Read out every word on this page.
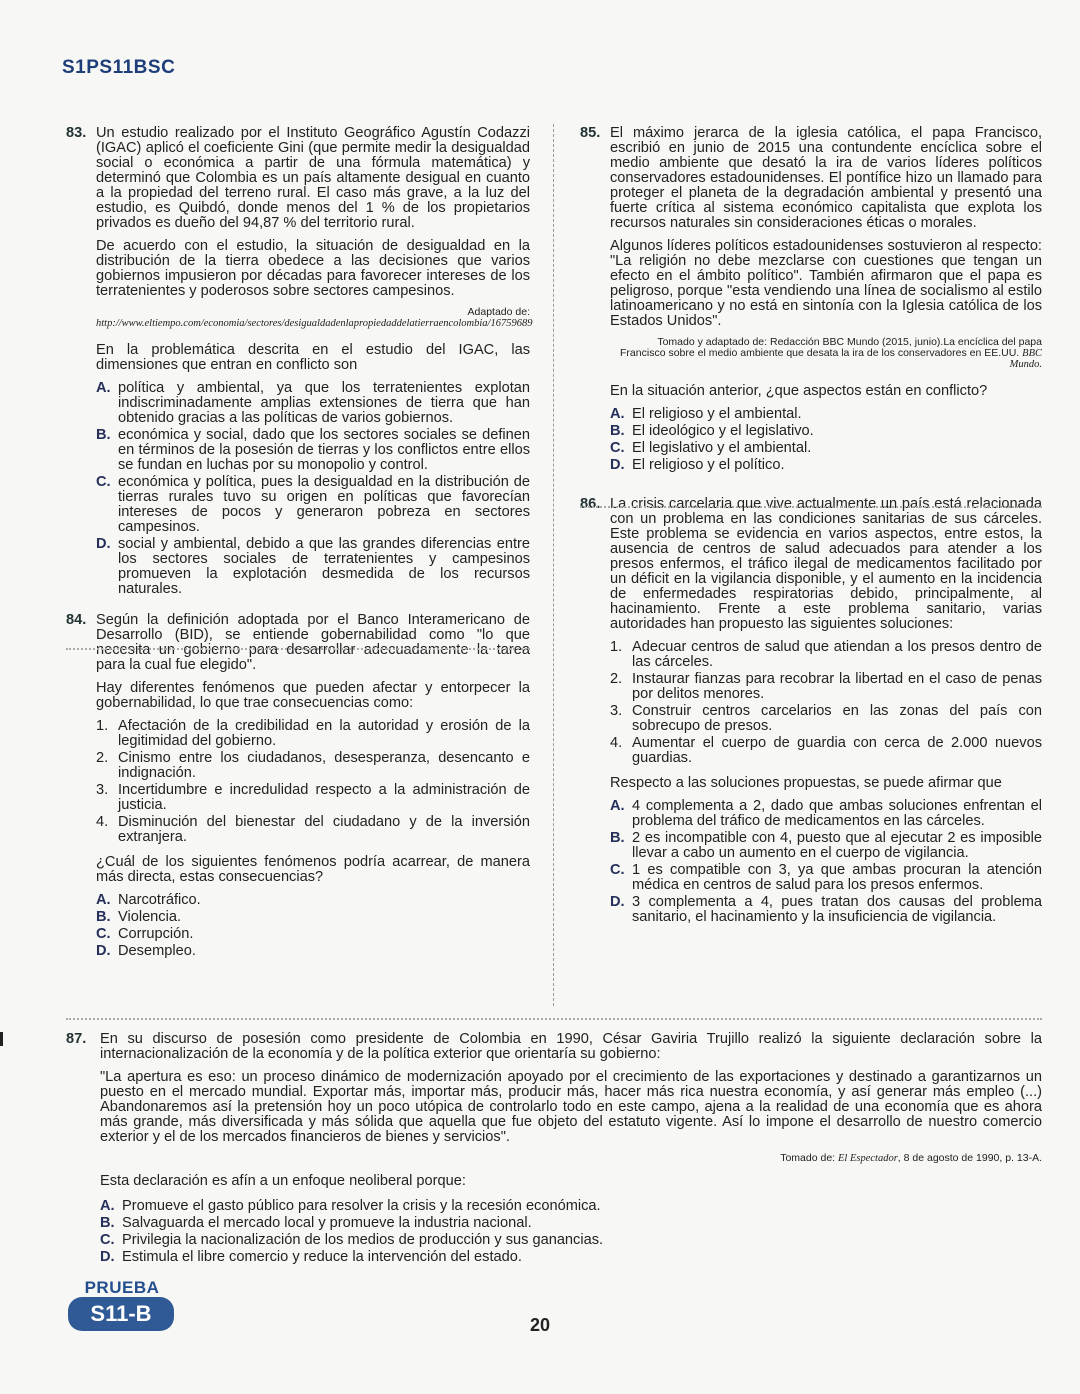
S1PS11BSC
83. Un estudio realizado por el Instituto Geográfico Agustín Codazzi (IGAC) aplicó el coeficiente Gini (que permite medir la desigualdad social o económica a partir de una fórmula matemática) y determinó que Colombia es un país altamente desigual en cuanto a la propiedad del terreno rural. El caso más grave, a la luz del estudio, es Quibdó, donde menos del 1 % de los propietarios privados es dueño del 94,87 % del territorio rural.

De acuerdo con el estudio, la situación de desigualdad en la distribución de la tierra obedece a las decisiones que varios gobiernos impusieron por décadas para favorecer intereses de los terratenientes y poderosos sobre sectores campesinos.

Adaptado de: http://www.eltiempo.com/economia/sectores/desigualdadenlapropiedaddelatierraencolombia/16759689

En la problemática descrita en el estudio del IGAC, las dimensiones que entran en conflicto son

A. política y ambiental, ya que los terratenientes explotan indiscriminadamente amplias extensiones de tierra que han obtenido gracias a las políticas de varios gobiernos.
B. económica y social, dado que los sectores sociales se definen en términos de la posesión de tierras y los conflictos entre ellos se fundan en luchas por su monopolio y control.
C. económica y política, pues la desigualdad en la distribución de tierras rurales tuvo su origen en políticas que favorecían intereses de pocos y generaron pobreza en sectores campesinos.
D. social y ambiental, debido a que las grandes diferencias entre los sectores sociales de terratenientes y campesinos promueven la explotación desmedida de los recursos naturales.
84. Según la definición adoptada por el Banco Interamericano de Desarrollo (BID), se entiende gobernabilidad como "lo que necesita un gobierno para desarrollar adecuadamente la tarea para la cual fue elegido".

Hay diferentes fenómenos que pueden afectar y entorpecer la gobernabilidad, lo que trae consecuencias como:

1. Afectación de la credibilidad en la autoridad y erosión de la legitimidad del gobierno.
2. Cinismo entre los ciudadanos, desesperanza, desencanto e indignación.
3. Incertidumbre e incredulidad respecto a la administración de justicia.
4. Disminución del bienestar del ciudadano y de la inversión extranjera.

¿Cuál de los siguientes fenómenos podría acarrear, de manera más directa, estas consecuencias?

A. Narcotráfico.
B. Violencia.
C. Corrupción.
D. Desempleo.
85. El máximo jerarca de la iglesia católica, el papa Francisco, escribió en junio de 2015 una contundente encíclica sobre el medio ambiente que desató la ira de varios líderes políticos conservadores estadounidenses. El pontífice hizo un llamado para proteger el planeta de la degradación ambiental y presentó una fuerte crítica al sistema económico capitalista que explota los recursos naturales sin consideraciones éticas o morales.

Algunos líderes políticos estadounidenses sostuvieron al respecto: "La religión no debe mezclarse con cuestiones que tengan un efecto en el ámbito político". También afirmaron que el papa es peligroso, porque "esta vendiendo una línea de socialismo al estilo latinoamericano y no está en sintonía con la Iglesia católica de los Estados Unidos".

Tomado y adaptado de: Redacción BBC Mundo (2015, junio).La encíclica del papa Francisco sobre el medio ambiente que desata la ira de los conservadores en EE.UU. BBC Mundo.

En la situación anterior, ¿que aspectos están en conflicto?

A. El religioso y el ambiental.
B. El ideológico y el legislativo.
C. El legislativo y el ambiental.
D. El religioso y el político.
86. La crisis carcelaria que vive actualmente un país está relacionada con un problema en las condiciones sanitarias de sus cárceles. Este problema se evidencia en varios aspectos, entre estos, la ausencia de centros de salud adecuados para atender a los presos enfermos, el tráfico ilegal de medicamentos facilitado por un déficit en la vigilancia disponible, y el aumento en la incidencia de enfermedades respiratorias debido, principalmente, al hacinamiento. Frente a este problema sanitario, varias autoridades han propuesto las siguientes soluciones:

1. Adecuar centros de salud que atiendan a los presos dentro de las cárceles.
2. Instaurar fianzas para recobrar la libertad en el caso de penas por delitos menores.
3. Construir centros carcelarios en las zonas del país con sobrecupo de presos.
4. Aumentar el cuerpo de guardia con cerca de 2.000 nuevos guardias.

Respecto a las soluciones propuestas, se puede afirmar que

A. 4 complementa a 2, dado que ambas soluciones enfrentan el problema del tráfico de medicamentos en las cárceles.
B. 2 es incompatible con 4, puesto que al ejecutar 2 es imposible llevar a cabo un aumento en el cuerpo de vigilancia.
C. 1 es compatible con 3, ya que ambas procuran la atención médica en centros de salud para los presos enfermos.
D. 3 complementa a 4, pues tratan dos causas del problema sanitario, el hacinamiento y la insuficiencia de vigilancia.
87. En su discurso de posesión como presidente de Colombia en 1990, César Gaviria Trujillo realizó la siguiente declaración sobre la internacionalización de la economía y de la política exterior que orientaría su gobierno:

"La apertura es eso: un proceso dinámico de modernización apoyado por el crecimiento de las exportaciones y destinado a garantizarnos un puesto en el mercado mundial. Exportar más, importar más, producir más, hacer más rica nuestra economía, y así generar más empleo (...) Abandonaremos así la pretensión hoy un poco utópica de controlarlo todo en este campo, ajena a la realidad de una economía que es ahora más grande, más diversificada y más sólida que aquella que fue objeto del estatuto vigente. Así lo impone el desarrollo de nuestro comercio exterior y el de los mercados financieros de bienes y servicios".

Tomado de: El Espectador, 8 de agosto de 1990, p. 13-A.

Esta declaración es afín a un enfoque neoliberal porque:

A. Promueve el gasto público para resolver la crisis y la recesión económica.
B. Salvaguarda el mercado local y promueve la industria nacional.
C. Privilegia la nacionalización de los medios de producción y sus ganancias.
D. Estimula el libre comercio y reduce la intervención del estado.
PRUEBA
S11-B	20
